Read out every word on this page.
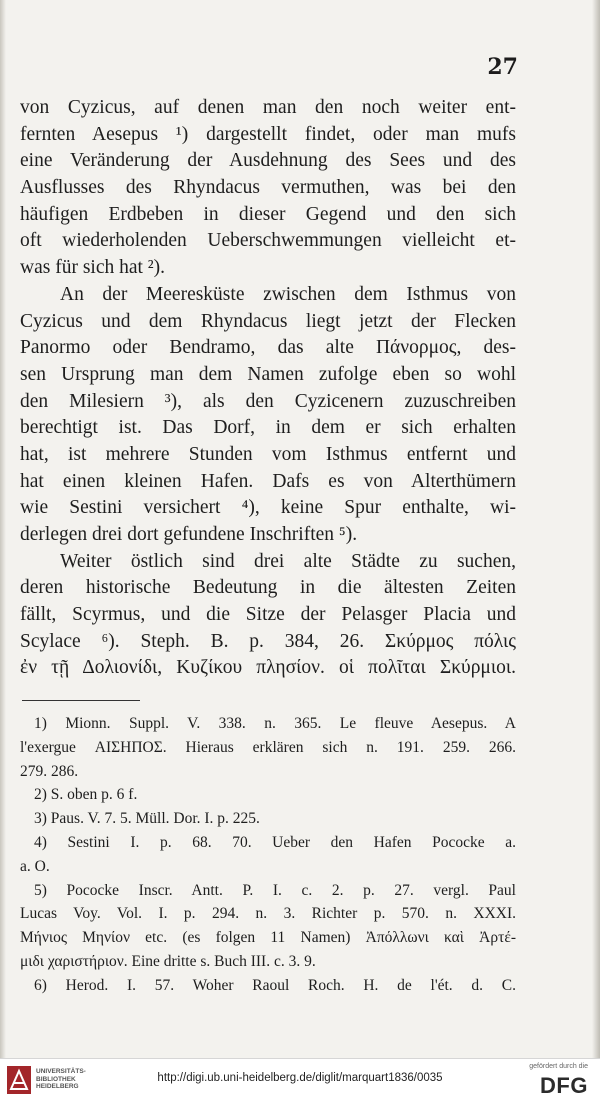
27
von Cyzicus, auf denen man den noch weiter ent-
fernten Aesepus ¹) dargestellt findet, oder man mufs
eine Veränderung der Ausdehnung des Sees und des
Ausflusses des Rhyndacus vermuthen, was bei den
häufigen Erdbeben in dieser Gegend und den sich
oft wiederholenden Ueberschwemmungen vielleicht et-
was für sich hat ²).
An der Meeresküste zwischen dem Isthmus von
Cyzicus und dem Rhyndacus liegt jetzt der Flecken
Panormo oder Bendramo, das alte Πάνορμος, des-
sen Ursprung man dem Namen zufolge eben so wohl
den Milesiern ³), als den Cyzicenern zuzuschreiben
berechtigt ist. Das Dorf, in dem er sich erhalten
hat, ist mehrere Stunden vom Isthmus entfernt und
hat einen kleinen Hafen. Dafs es von Alterthümern
wie Sestini versichert ⁴), keine Spur enthalte, wi-
derlegen drei dort gefundene Inschriften ⁵).
Weiter östlich sind drei alte Städte zu suchen,
deren historische Bedeutung in die ältesten Zeiten
fällt, Scyrmus, und die Sitze der Pelasger Placia und
Scylace ⁶). Steph. B. p. 384, 26. Σκύρμος πόλις
ἐν τῇ Δολιονίδι, Κυζίκου πλησίον. οἱ πολῖται Σκύρμιοι.
1) Mionn. Suppl. V. 338. n. 365. Le fleuve Aesepus. A
l'exergue ΑΙΣΗΠΟΣ. Hieraus erklären sich n. 191. 259. 266.
279. 286.
2) S. oben p. 6 f.
3) Paus. V. 7. 5. Müll. Dor. I. p. 225.
4) Sestini I. p. 68. 70. Ueber den Hafen Pococke a.
a. O.
5) Pococke Inscr. Antt. P. I. c. 2. p. 27. vergl. Paul
Lucas Voy. Vol. I. p. 294. n. 3. Richter p. 570. n. XXXI.
Μήνιος Μηνίον etc. (es folgen 11 Namen) Ἀπόλλωνι καὶ Ἀρτέ-
μιδι χαριστήριον. Eine dritte s. Buch III. c. 3. 9.
6) Herod. I. 57. Woher Raoul Roch. H. de l'ét. d. C.
UNIVERSITÄTS-
BIBLIOTHEK
HEIDELBERG
http://digi.ub.uni-heidelberg.de/diglit/marquart1836/0035
gefördert durch die
DFG
